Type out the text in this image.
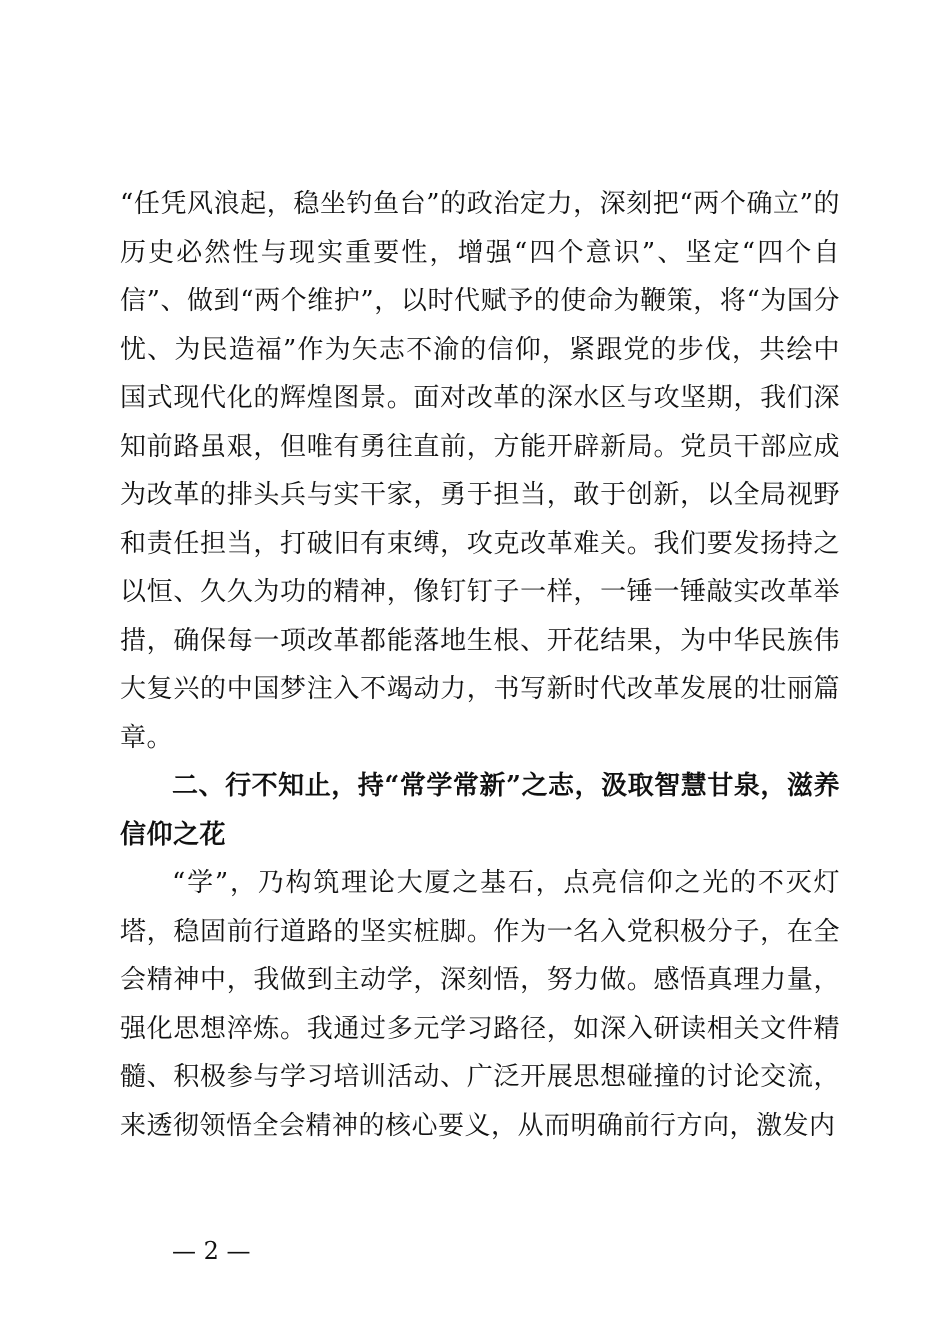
“任凭风浪起，稳坐钓鱼台”的政治定力，深刻把“两个确立”的历史必然性与现实重要性，增强“四个意识”、坚定“四个自信”、做到“两个维护”，以时代赋予的使命为鞭策，将“为国分忧、为民造福”作为矢志不渝的信仰，紧跟党的步伐，共绘中国式现代化的辉煌图景。面对改革的深水区与攻坚期，我们深知前路虽艰，但唯有勇往直前，方能开辟新局。党员干部应成为改革的排头兵与实干家，勇于担当，敢于创新，以全局视野和责任担当，打破旧有束缚，攻克改革难关。我们要发扬持之以恒、久久为功的精神，像钉钉子一样，一锤一锤敲实改革举措，确保每一项改革都能落地生根、开花结果，为中华民族伟大复兴的中国梦注入不竭动力，书写新时代改革发展的壮丽篇章。

二、行不知止，持“常学常新”之志，汲取智慧甘泉，滋养信仰之花

“学”，乃构筑理论大厦之基石，点亮信仰之光的不灭灯塔，稳固前行道路的坚实桩脚。作为一名入党积极分子，在全会精神中，我做到主动学，深刻悟，努力做。感悟真理力量，强化思想淬炼。我通过多元学习路径，如深入研读相关文件精髓、积极参与学习培训活动、广泛开展思想碰撞的讨论交流，来透彻领悟全会精神的核心要义，从而明确前行方向，激发内

— 2 —
